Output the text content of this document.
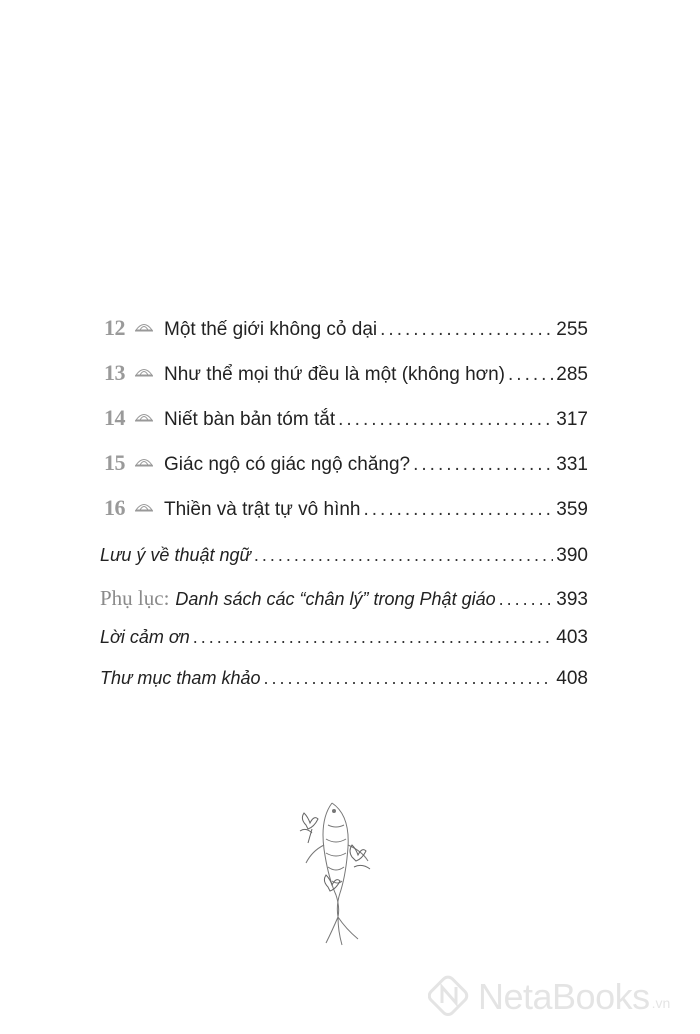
12	Một thế giới không cỏ dại .....	255
13	Như thể mọi thứ đều là một (không hơn) .....	285
14	Niết bàn bản tóm tắt .....	317
15	Giác ngộ có giác ngộ chăng? .....	331
16	Thiền và trật tự vô hình .....	359
Lưu ý về thuật ngữ .....	390
Phụ lục: Danh sách các “chân lý” trong Phật giáo .....	393
Lời cảm ơn .....	403
Thư mục tham khảo .....	408
NetaBooks .vn
